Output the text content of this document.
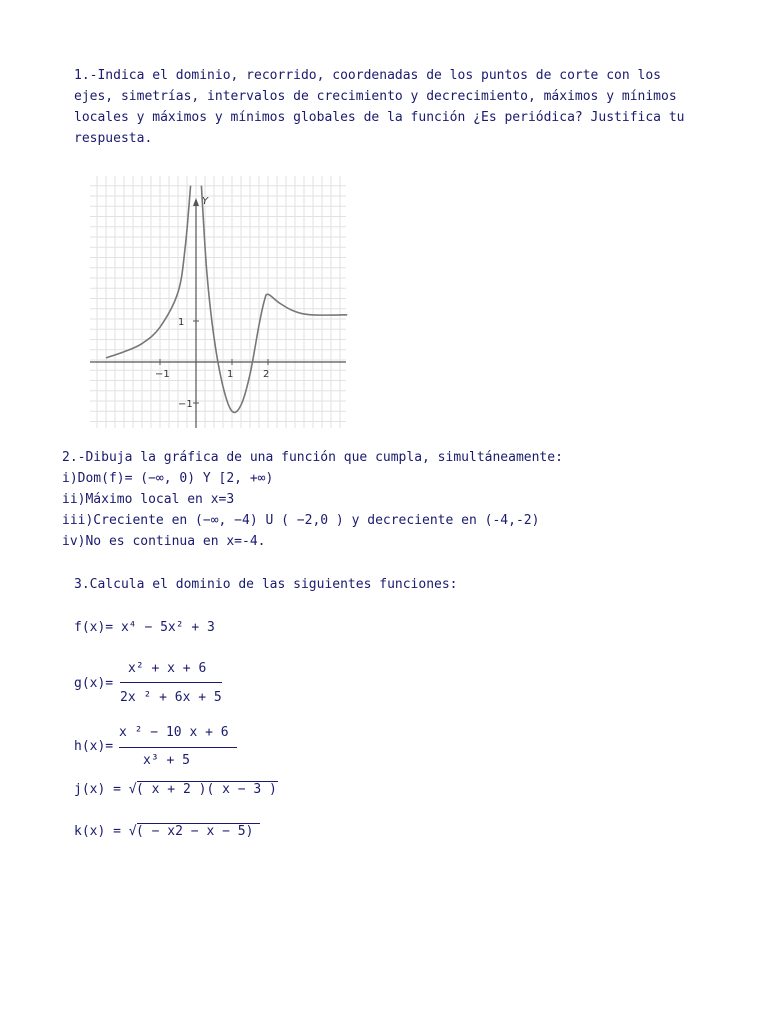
1.-Indica el dominio, recorrido, coordenadas de los puntos de corte con los
ejes, simetrías, intervalos de crecimiento y decrecimiento, máximos y mínimos
locales y máximos y mínimos globales de la función ¿Es periódica? Justifica tu
respuesta.
Y
−1	1	2
1
−1
2.-Dibuja la gráfica de una función que cumpla, simultáneamente:
i)Dom(f)= (−∞, 0) Y [2, +∞)
ii)Máximo local en x=3
iii)Creciente en (−∞, −4) U ( −2,0 ) y decreciente en (-4,-2)
iv)No es continua en x=-4.
3.Calcula el dominio de las siguientes funciones:
f(x)= x⁴ − 5x² + 3
g(x)=
x² + x + 6
2x ² + 6x + 5
h(x)=
x ² − 10 x + 6
x³ + 5
j(x) = √ ( x + 2 )( x − 3 )
k(x) = √ ( − x2 − x − 5)
